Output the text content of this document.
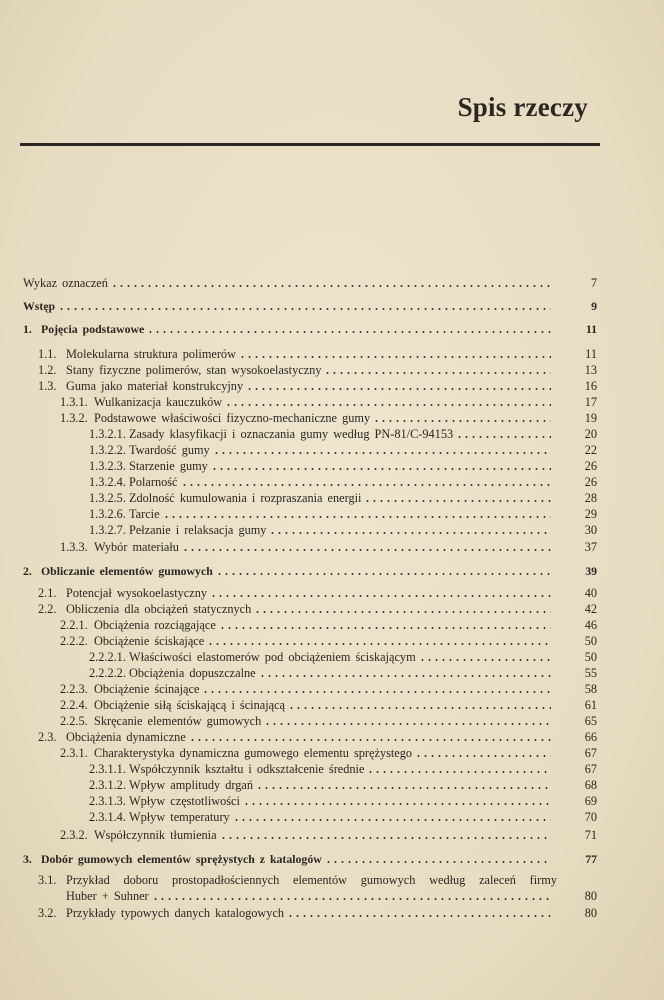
Spis rzeczy
Wykaz oznaczeń	7
Wstęp	9
1. Pojęcia podstawowe	11
1.1. Molekularna struktura polimerów	11
1.2. Stany fizyczne polimerów, stan wysokoelastyczny	13
1.3. Guma jako materiał konstrukcyjny	16
1.3.1. Wulkanizacja kauczuków	17
1.3.2. Podstawowe właściwości fizyczno-mechaniczne gumy	19
1.3.2.1. Zasady klasyfikacji i oznaczania gumy według PN-81/C-94153	20
1.3.2.2. Twardość gumy	22
1.3.2.3. Starzenie gumy	26
1.3.2.4. Polarność	26
1.3.2.5. Zdolność kumulowania i rozpraszania energii	28
1.3.2.6. Tarcie	29
1.3.2.7. Pełzanie i relaksacja gumy	30
1.3.3. Wybór materiału	37
2. Obliczanie elementów gumowych	39
2.1. Potencjał wysokoelastyczny	40
2.2. Obliczenia dla obciążeń statycznych	42
2.2.1. Obciążenia rozciągające	46
2.2.2. Obciążenie ściskające	50
2.2.2.1. Właściwości elastomerów pod obciążeniem ściskającym	50
2.2.2.2. Obciążenia dopuszczalne	55
2.2.3. Obciążenie ścinające	58
2.2.4. Obciążenie siłą ściskającą i ścinającą	61
2.2.5. Skręcanie elementów gumowych	65
2.3. Obciążenia dynamiczne	66
2.3.1. Charakterystyka dynamiczna gumowego elementu sprężystego	67
2.3.1.1. Współczynnik kształtu i odkształcenie średnie	67
2.3.1.2. Wpływ amplitudy drgań	68
2.3.1.3. Wpływ częstotliwości	69
2.3.1.4. Wpływ temperatury	70
2.3.2. Współczynnik tłumienia	71
3. Dobór gumowych elementów sprężystych z katalogów	77
3.1. Przykład doboru prostopadłościennych elementów gumowych według zaleceń firmy
Huber + Suhner	80
3.2. Przykłady typowych danych katalogowych	80
